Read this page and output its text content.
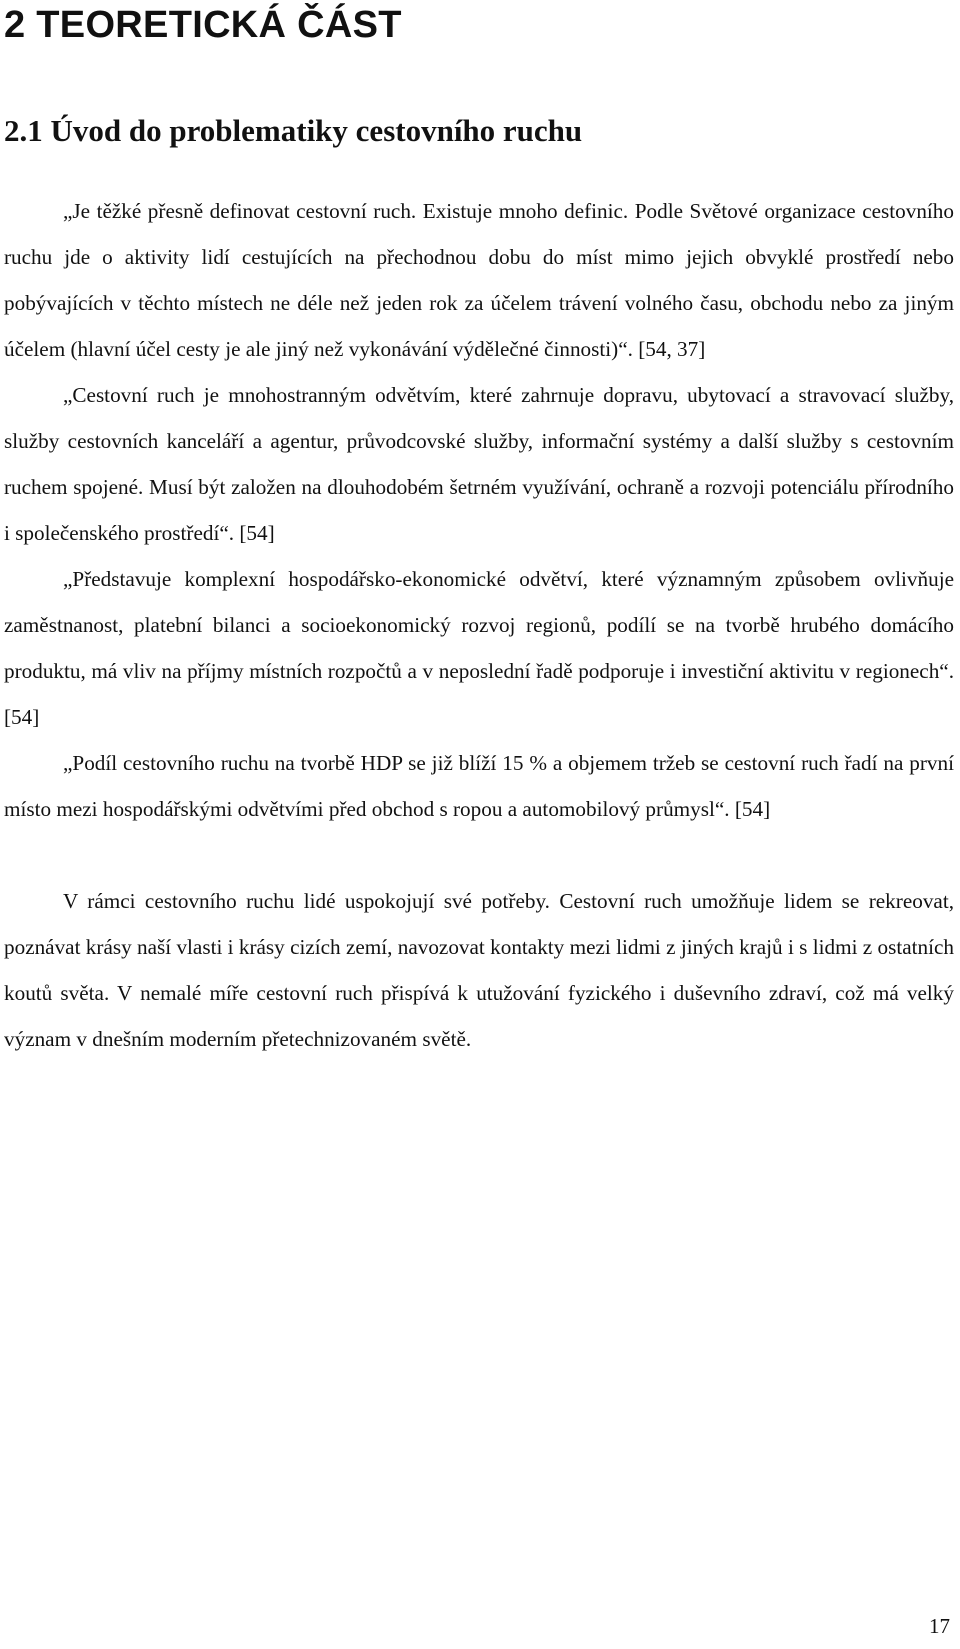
2 TEORETICKÁ ČÁST
2.1 Úvod do problematiky cestovního ruchu

„Je těžké přesně definovat cestovní ruch. Existuje mnoho definic. Podle Světové organizace cestovního ruchu jde o aktivity lidí cestujících na přechodnou dobu do míst mimo jejich obvyklé prostředí nebo pobývajících v těchto místech ne déle než jeden rok za účelem trávení volného času, obchodu nebo za jiným účelem (hlavní účel cesty je ale jiný než vykonávání výdělečné činnosti)“. [54, 37]

„Cestovní ruch je mnohostranným odvětvím, které zahrnuje dopravu, ubytovací a stravovací služby, služby cestovních kanceláří a agentur, průvodcovské služby, informační systémy a další služby s cestovním ruchem spojené. Musí být založen na dlouhodobém šetrném využívání, ochraně a rozvoji potenciálu přírodního i společenského prostředí“. [54]

„Představuje komplexní hospodářsko-ekonomické odvětví, které významným způsobem ovlivňuje zaměstnanost, platební bilanci a socioekonomický rozvoj regionů, podílí se na tvorbě hrubého domácího produktu, má vliv na příjmy místních rozpočtů a v neposlední řadě podporuje i investiční aktivitu v regionech“. [54]

„Podíl cestovního ruchu na tvorbě HDP se již blíží 15 % a objemem tržeb se cestovní ruch řadí na první místo mezi hospodářskými odvětvími před obchod s ropou a automobilový průmysl“. [54]

V rámci cestovního ruchu lidé uspokojují své potřeby. Cestovní ruch umožňuje lidem se rekreovat, poznávat krásy naší vlasti i krásy cizích zemí, navozovat kontakty mezi lidmi z jiných krajů i s lidmi z ostatních koutů světa. V nemalé míře cestovní ruch přispívá k utužování fyzického i duševního zdraví, což má velký význam v dnešním moderním přetechnizovaném světě.

17
